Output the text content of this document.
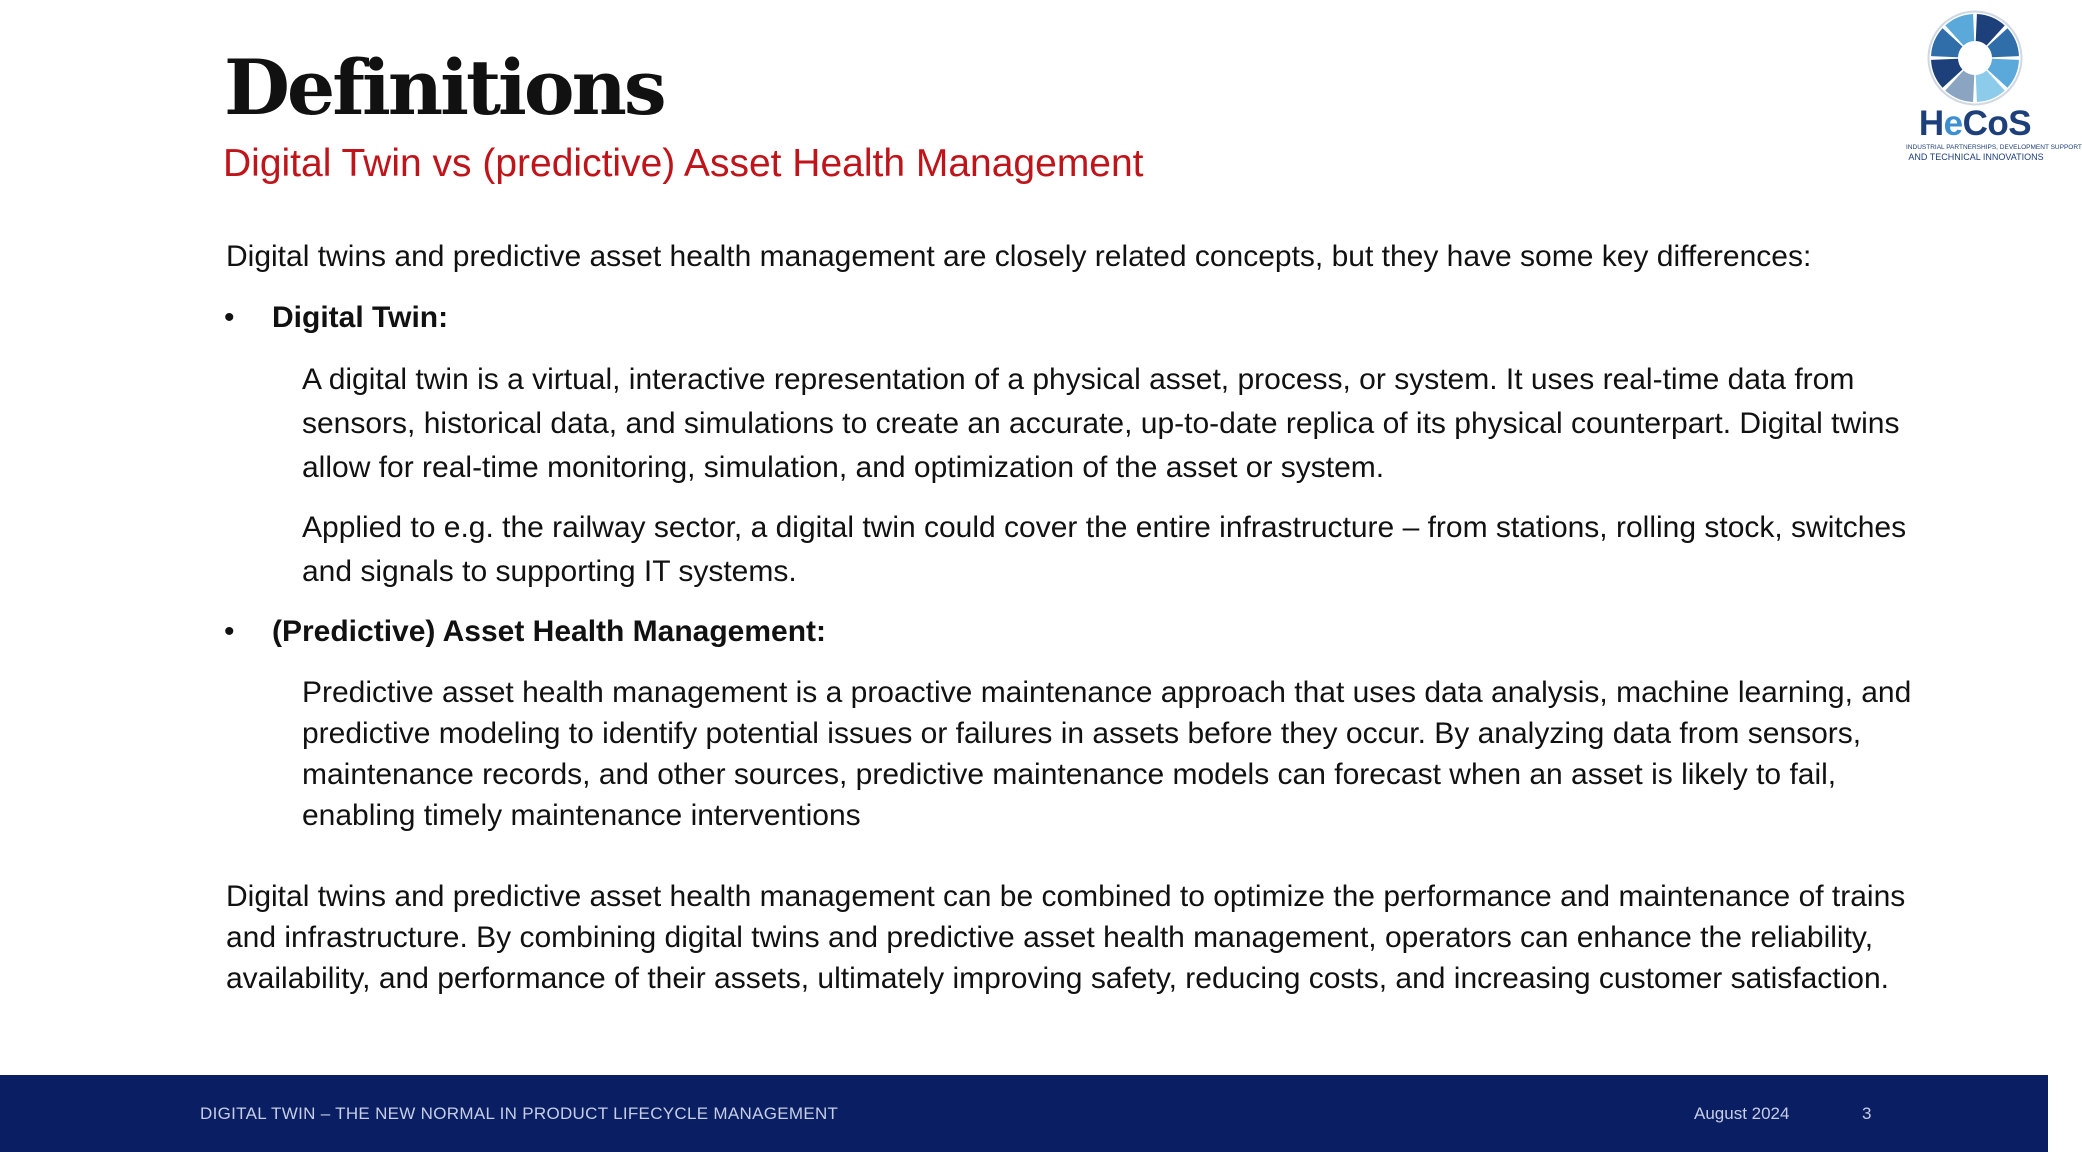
Definitions
Digital Twin vs (predictive) Asset Health Management
HeCoS
INDUSTRIAL PARTNERSHIPS, DEVELOPMENT SUPPORT
AND TECHNICAL INNOVATIONS
Digital twins and predictive asset health management are closely related concepts, but they have some key differences:
• Digital Twin:
A digital twin is a virtual, interactive representation of a physical asset, process, or system. It uses real-time data from sensors, historical data, and simulations to create an accurate, up-to-date replica of its physical counterpart. Digital twins allow for real-time monitoring, simulation, and optimization of the asset or system.
Applied to e.g. the railway sector, a digital twin could cover the entire infrastructure – from stations, rolling stock, switches and signals to supporting IT systems.
• (Predictive) Asset Health Management:
Predictive asset health management is a proactive maintenance approach that uses data analysis, machine learning, and predictive modeling to identify potential issues or failures in assets before they occur. By analyzing data from sensors, maintenance records, and other sources, predictive maintenance models can forecast when an asset is likely to fail, enabling timely maintenance interventions
Digital twins and predictive asset health management can be combined to optimize the performance and maintenance of trains and infrastructure. By combining digital twins and predictive asset health management, operators can enhance the reliability, availability, and performance of their assets, ultimately improving safety, reducing costs, and increasing customer satisfaction.
DIGITAL TWIN – THE NEW NORMAL IN PRODUCT LIFECYCLE MANAGEMENT	August 2024	3
